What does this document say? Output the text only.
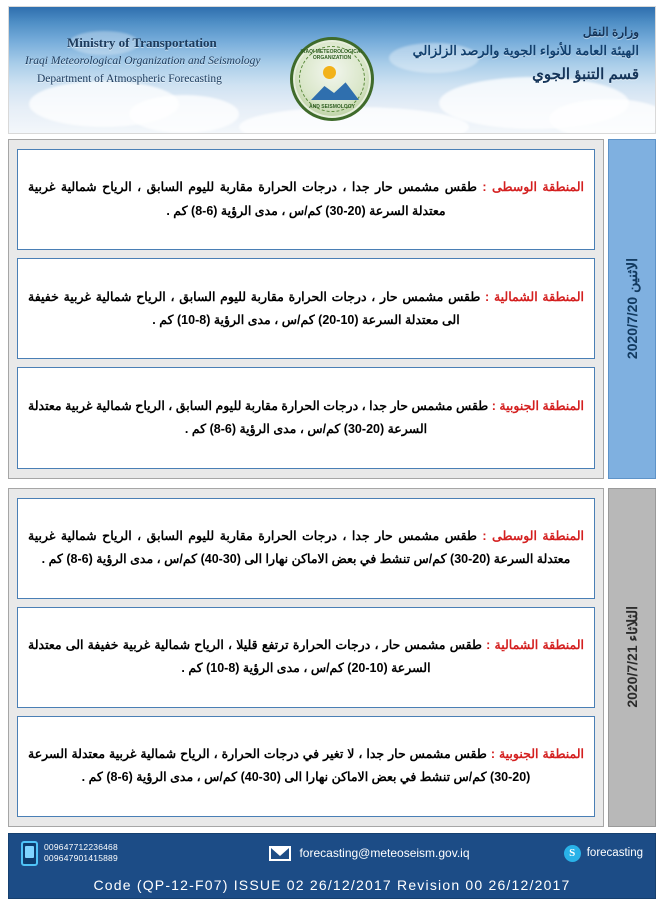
Ministry of Transportation
Iraqi Meteorological Organization and Seismology
Department of Atmospheric Forecasting
IRAQI METEOROLOGICAL ORGANIZATION
AND SEISMOLOGY
وزارة النقل
الهيئة العامة للأنواء الجوية والرصد الزلزالي
قسم التنبؤ الجوي
الاثنين 2020/7/20
الثلاثاء 2020/7/21

المنطقة الوسطى : طقس مشمس حار جدا ، درجات الحرارة مقاربة لليوم السابق ، الرياح شمالية غربية معتدلة السرعة (20-30) كم/س ، مدى الرؤية (6-8) كم .

المنطقة الشمالية : طقس مشمس حار ، درجات الحرارة مقاربة لليوم السابق ، الرياح شمالية غربية خفيفة الى معتدلة السرعة (10-20) كم/س ، مدى الرؤية (8-10) كم .

المنطقة الجنوبية : طقس مشمس حار جدا ، درجات الحرارة مقاربة لليوم السابق ، الرياح شمالية غربية معتدلة السرعة (20-30) كم/س ، مدى الرؤية (6-8) كم .

المنطقة الوسطى : طقس مشمس حار جدا ، درجات الحرارة مقاربة لليوم السابق ، الرياح شمالية غربية معتدلة السرعة (20-30) كم/س تنشط في بعض الاماكن نهارا الى (30-40) كم/س ، مدى الرؤية (6-8) كم .

المنطقة الشمالية : طقس مشمس حار ، درجات الحرارة ترتفع قليلا ، الرياح شمالية غربية خفيفة الى معتدلة السرعة (10-20) كم/س ، مدى الرؤية (8-10) كم .

المنطقة الجنوبية : طقس مشمس حار جدا ، لا تغير في درجات الحرارة ، الرياح شمالية غربية معتدلة السرعة (20-30) كم/س تنشط في بعض الاماكن نهارا الى (30-40) كم/س ، مدى الرؤية (6-8) كم .

009647712236468
009647901415889	forecasting@meteoseism.gov.iq	S forecasting
Code (QP-12-F07) ISSUE 02 26/12/2017 Revision 00 26/12/2017
